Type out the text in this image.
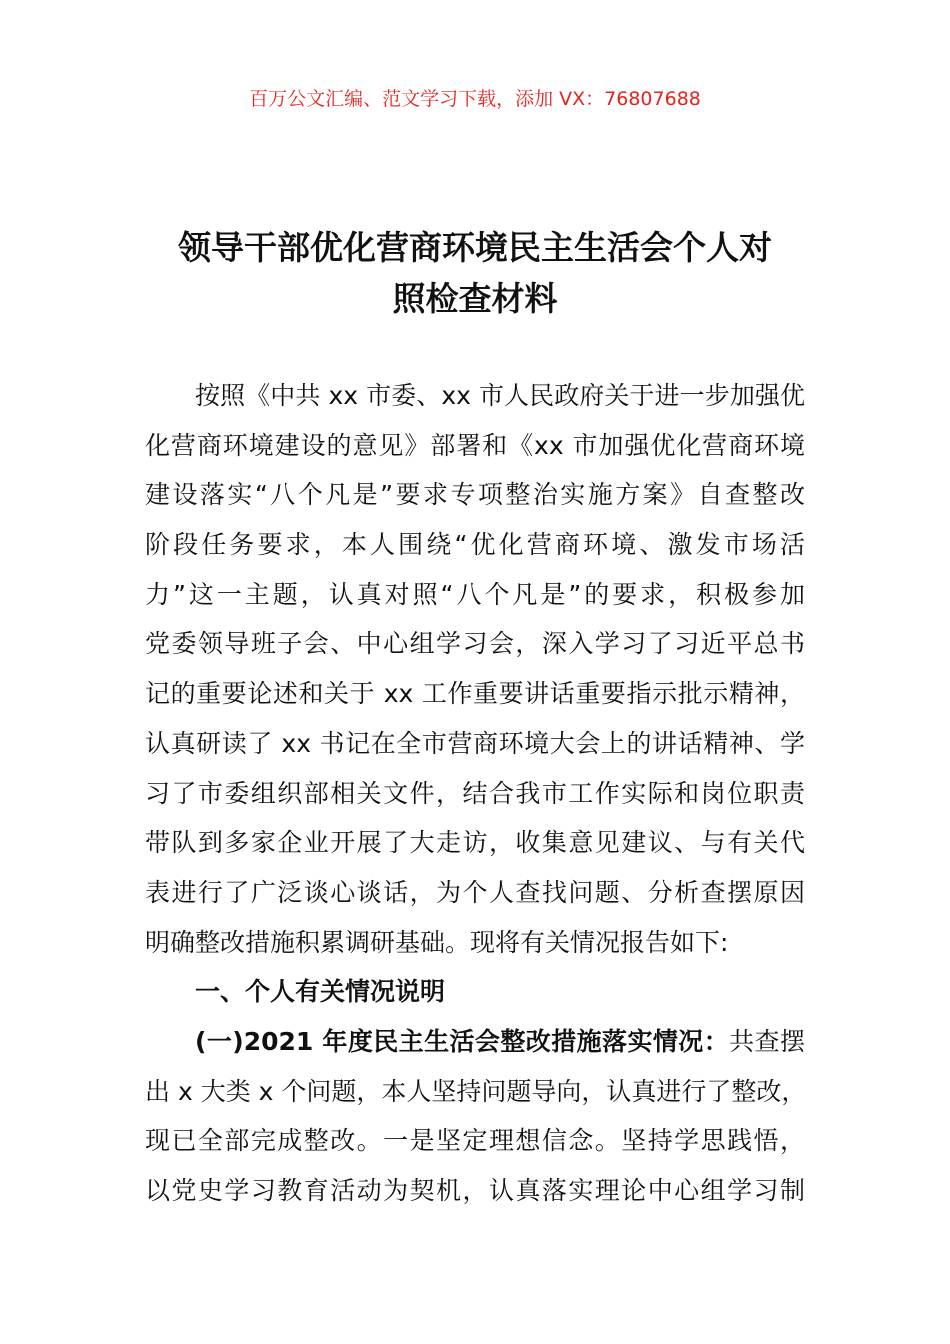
百万公文汇编、范文学习下载，添加 VX：76807688
领导干部优化营商环境民主生活会个人对
照检查材料
按照《中共 xx 市委、xx 市人民政府关于进一步加强优
化营商环境建设的意见》部署和《xx 市加强优化营商环境
建设落实“八个凡是”要求专项整治实施方案》自查整改
阶段任务要求，本人围绕“优化营商环境、激发市场活
力”这一主题，认真对照“八个凡是”的要求，积极参加
党委领导班子会、中心组学习会，深入学习了习近平总书
记的重要论述和关于 xx 工作重要讲话重要指示批示精神，
认真研读了 xx 书记在全市营商环境大会上的讲话精神、学
习了市委组织部相关文件，结合我市工作实际和岗位职责
带队到多家企业开展了大走访，收集意见建议、与有关代
表进行了广泛谈心谈话，为个人查找问题、分析查摆原因
明确整改措施积累调研基础。现将有关情况报告如下:
一、个人有关情况说明
(一)2021 年度民主生活会整改措施落实情况：共查摆
出 x 大类 x 个问题，本人坚持问题导向，认真进行了整改，
现已全部完成整改。一是坚定理想信念。坚持学思践悟，
以党史学习教育活动为契机，认真落实理论中心组学习制
